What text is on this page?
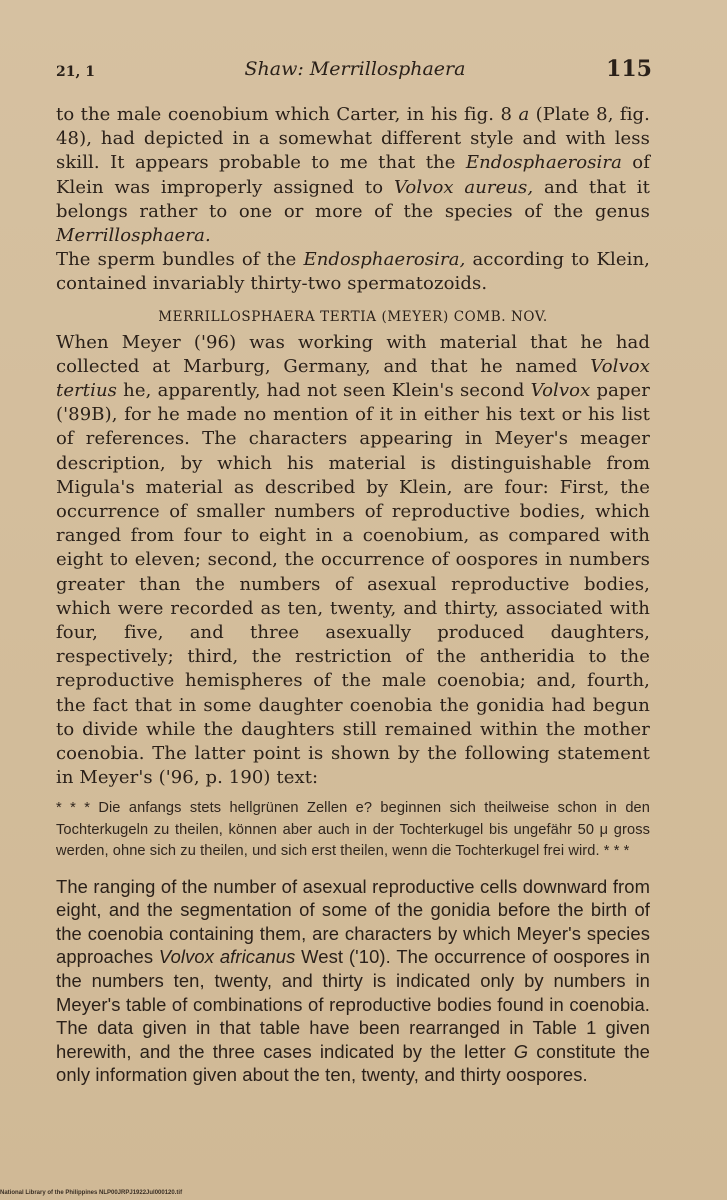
21, 1	Shaw: Merrillosphaera	115

to the male coenobium which Carter, in his fig. 8 a (Plate 8, fig. 48), had depicted in a somewhat different style and with less skill. It appears probable to me that the Endosphaerosira of Klein was improperly assigned to Volvox aureus, and that it belongs rather to one or more of the species of the genus Merrillosphaera.

The sperm bundles of the Endosphaerosira, according to Klein, contained invariably thirty-two spermatozoids.

MERRILLOSPHAERA TERTIA (MEYER) COMB. NOV.

When Meyer ('96) was working with material that he had collected at Marburg, Germany, and that he named Volvox tertius he, apparently, had not seen Klein's second Volvox paper ('89B), for he made no mention of it in either his text or his list of references. The characters appearing in Meyer's meager description, by which his material is distinguishable from Migula's material as described by Klein, are four: First, the occurrence of smaller numbers of reproductive bodies, which ranged from four to eight in a coenobium, as compared with eight to eleven; second, the occurrence of oospores in numbers greater than the numbers of asexual reproductive bodies, which were recorded as ten, twenty, and thirty, associated with four, five, and three asexually produced daughters, respectively; third, the restriction of the antheridia to the reproductive hemispheres of the male coenobia; and, fourth, the fact that in some daughter coenobia the gonidia had begun to divide while the daughters still remained within the mother coenobia. The latter point is shown by the following statement in Meyer's ('96, p. 190) text:

* * * Die anfangs stets hellgrünen Zellen e? beginnen sich theilweise schon in den Tochterkugeln zu theilen, können aber auch in der Tochterkugel bis ungefähr 50 μ gross werden, ohne sich zu theilen, und sich erst theilen, wenn die Tochterkugel frei wird. * * *

The ranging of the number of asexual reproductive cells downward from eight, and the segmentation of some of the gonidia before the birth of the coenobia containing them, are characters by which Meyer's species approaches Volvox africanus West ('10). The occurrence of oospores in the numbers ten, twenty, and thirty is indicated only by numbers in Meyer's table of combinations of reproductive bodies found in coenobia. The data given in that table have been rearranged in Table 1 given herewith, and the three cases indicated by the letter G constitute the only information given about the ten, twenty, and thirty oospores.

National Library of the Philippines NLP00JRPJ1922Jul000120.tif
